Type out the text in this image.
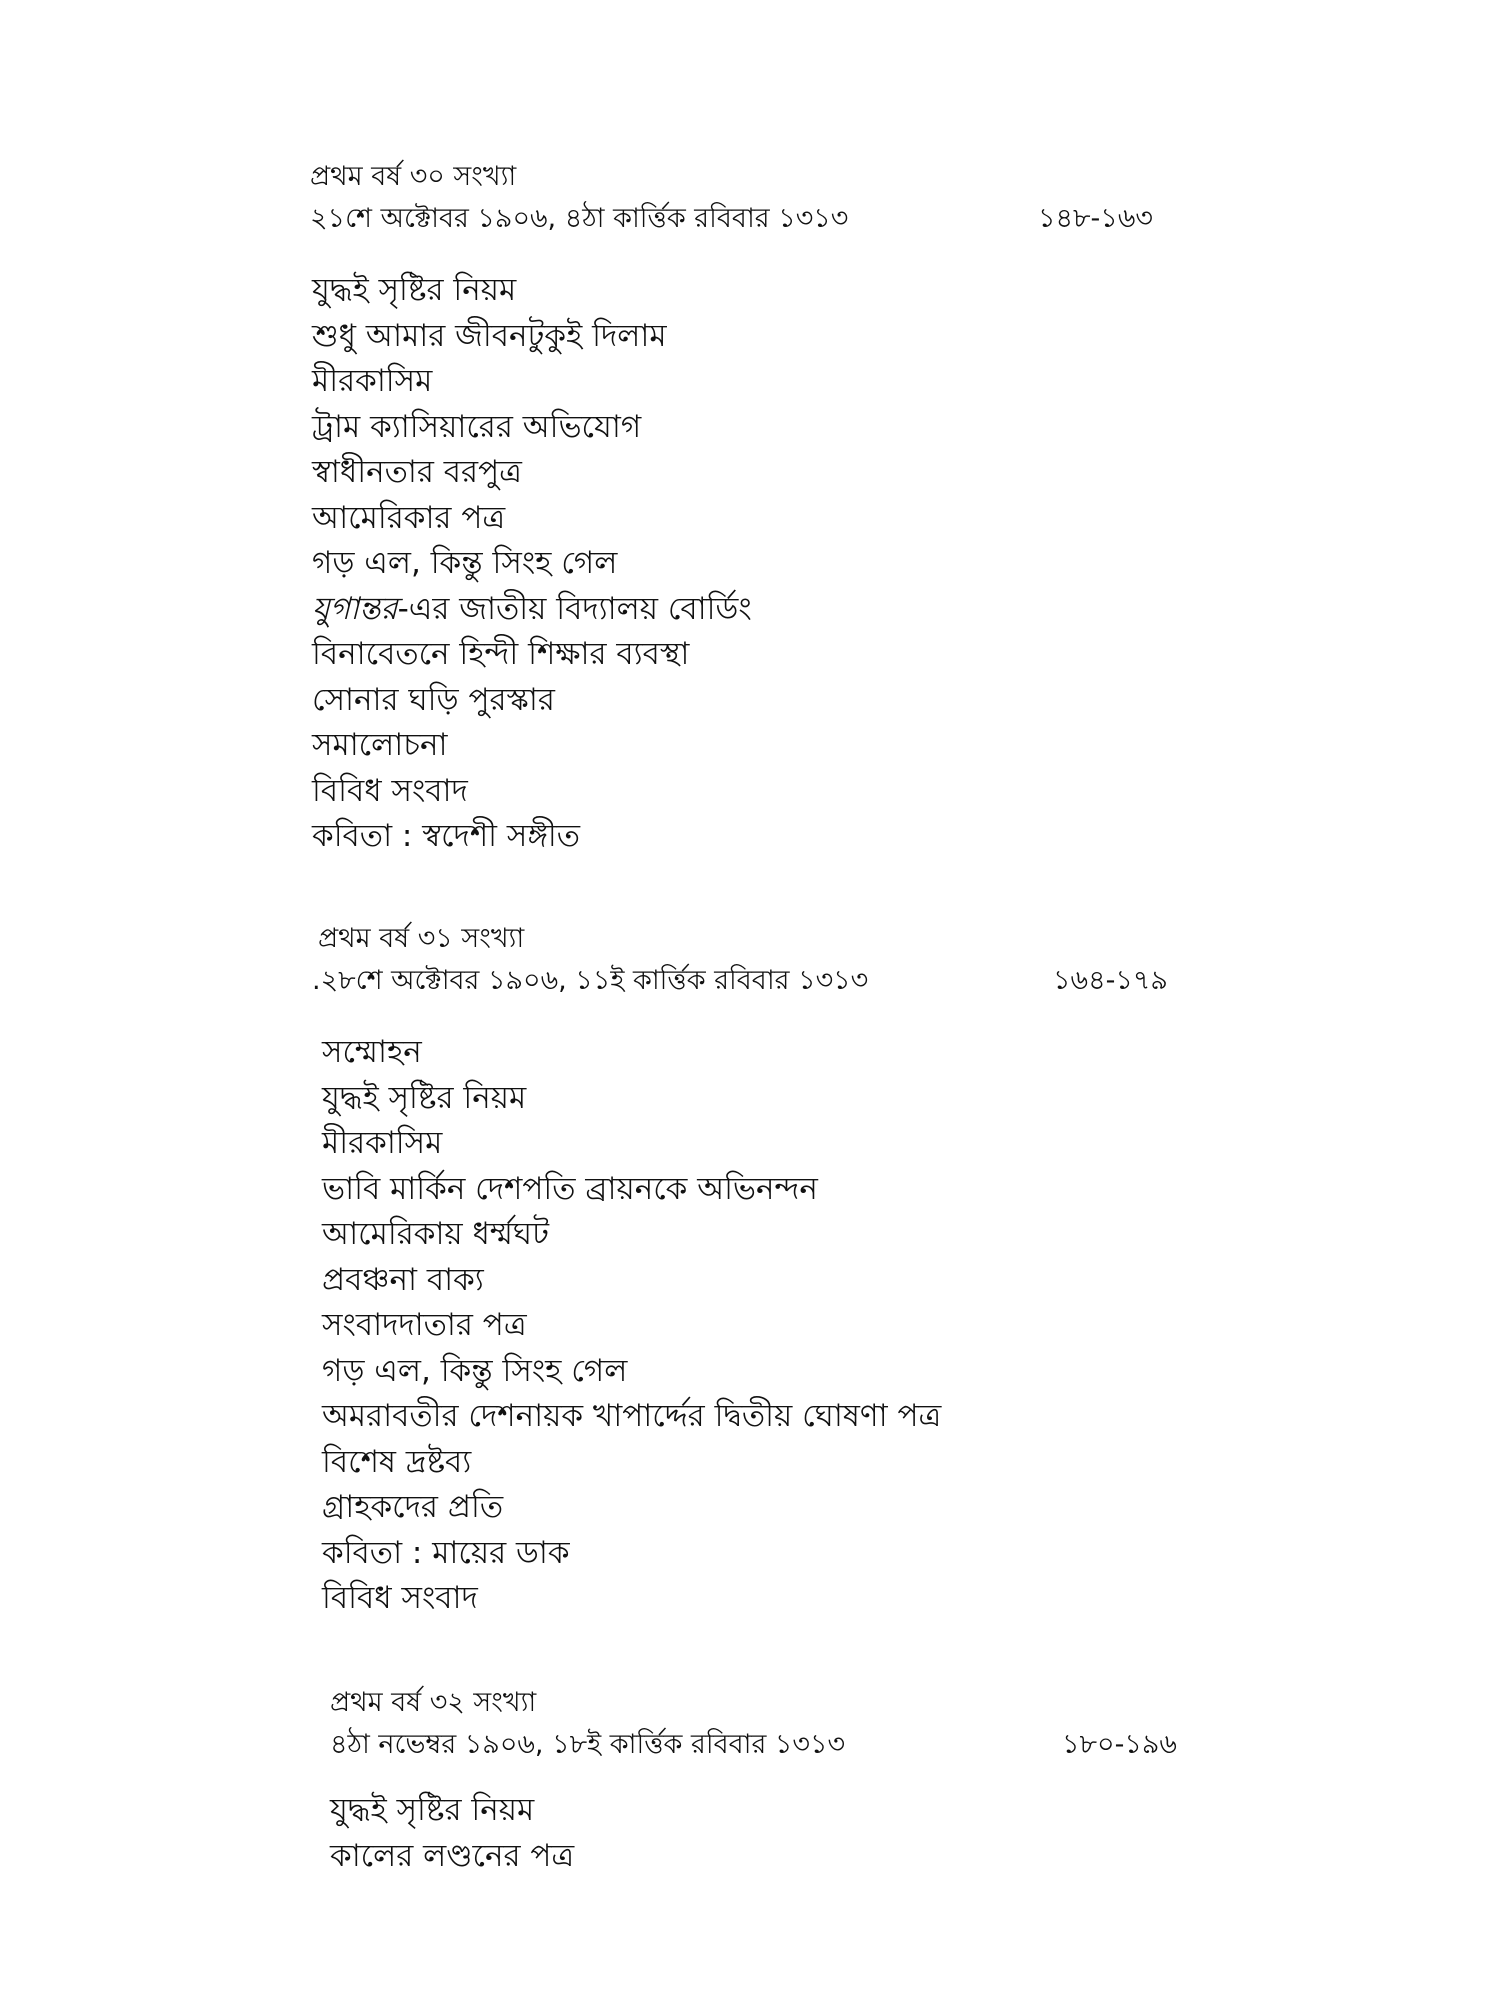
প্রথম বর্ষ ৩০ সংখ্যা
২১শে অক্টোবর ১৯০৬, ৪ঠা কার্ত্তিক রবিবার ১৩১৩	১৪৮-১৬৩
যুদ্ধই সৃষ্টির নিয়ম
শুধু আমার জীবনটুকুই দিলাম
মীরকাসিম
ট্রাম ক্যাসিয়ারের অভিযোগ
স্বাধীনতার বরপুত্র
আমেরিকার পত্র
গড় এল, কিন্তু সিংহ গেল
যুগান্তর-এর জাতীয় বিদ্যালয় বোর্ডিং
বিনাবেতনে হিন্দী শিক্ষার ব্যবস্থা
সোনার ঘড়ি পুরস্কার
সমালোচনা
বিবিধ সংবাদ
কবিতা : স্বদেশী সঙ্গীত
প্রথম বর্ষ ৩১ সংখ্যা
.২৮শে অক্টোবর ১৯০৬, ১১ই কার্ত্তিক রবিবার ১৩১৩	১৬৪-১৭৯
সম্মোহন
যুদ্ধই সৃষ্টির নিয়ম
মীরকাসিম
ভাবি মার্কিন দেশপতি ব্রায়নকে অভিনন্দন
আমেরিকায় ধর্ম্মঘট
প্রবঞ্চনা বাক্য
সংবাদদাতার পত্র
গড় এল, কিন্তু সিংহ গেল
অমরাবতীর দেশনায়ক খাপার্দ্দের দ্বিতীয় ঘোষণা পত্র
বিশেষ দ্রষ্টব্য
গ্রাহকদের প্রতি
কবিতা : মায়ের ডাক
বিবিধ সংবাদ
প্রথম বর্ষ ৩২ সংখ্যা
৪ঠা নভেম্বর ১৯০৬, ১৮ই কার্ত্তিক রবিবার ১৩১৩	১৮০-১৯৬
যুদ্ধই সৃষ্টির নিয়ম
কালের লণ্ডনের পত্র
